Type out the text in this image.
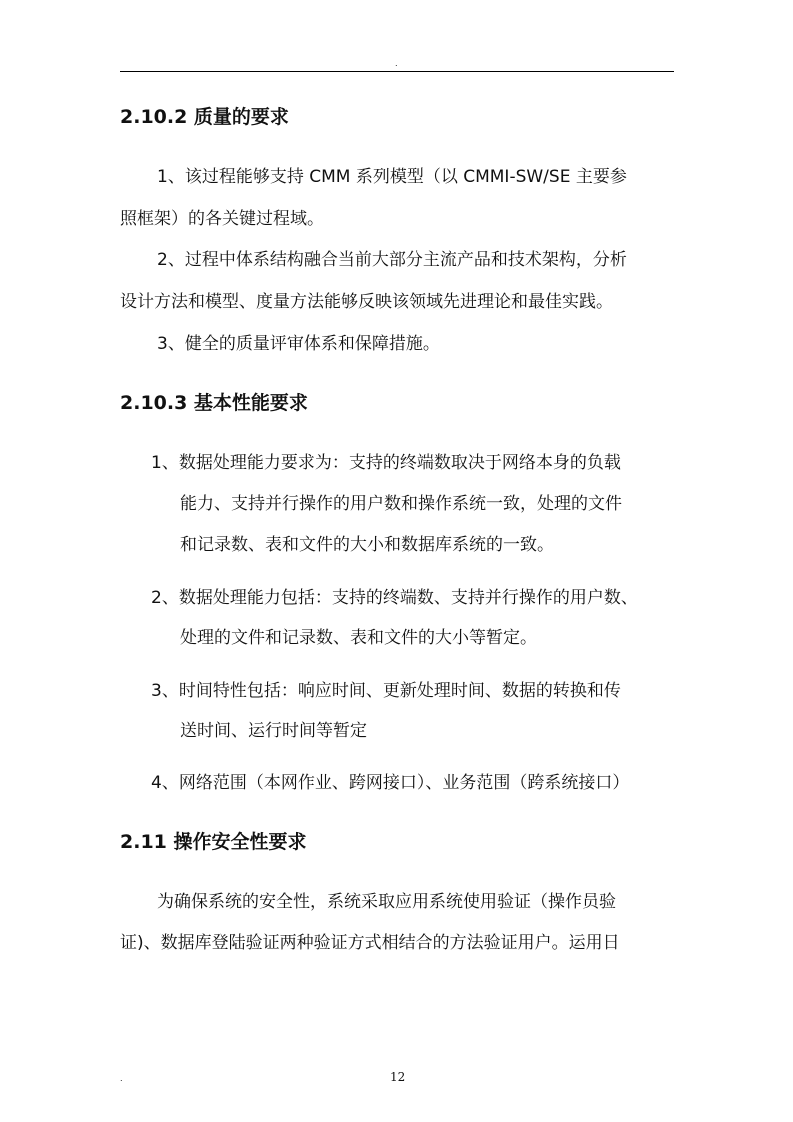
.
2.10.2 质量的要求
1、该过程能够支持 CMM 系列模型（以 CMMI-SW/SE 主要参
照框架）的各关键过程域。
2、过程中体系结构融合当前大部分主流产品和技术架构，分析
设计方法和模型、度量方法能够反映该领域先进理论和最佳实践。
3、健全的质量评审体系和保障措施。
2.10.3 基本性能要求
1、数据处理能力要求为：支持的终端数取决于网络本身的负载
能力、支持并行操作的用户数和操作系统一致，处理的文件
和记录数、表和文件的大小和数据库系统的一致。
2、数据处理能力包括：支持的终端数、支持并行操作的用户数、
处理的文件和记录数、表和文件的大小等暂定。
3、时间特性包括：响应时间、更新处理时间、数据的转换和传
送时间、运行时间等暂定
4、网络范围（本网作业、跨网接口）、业务范围（跨系统接口）
2.11 操作安全性要求
为确保系统的安全性，系统采取应用系统使用验证（操作员验
证)、数据库登陆验证两种验证方式相结合的方法验证用户。运用日
.	12
